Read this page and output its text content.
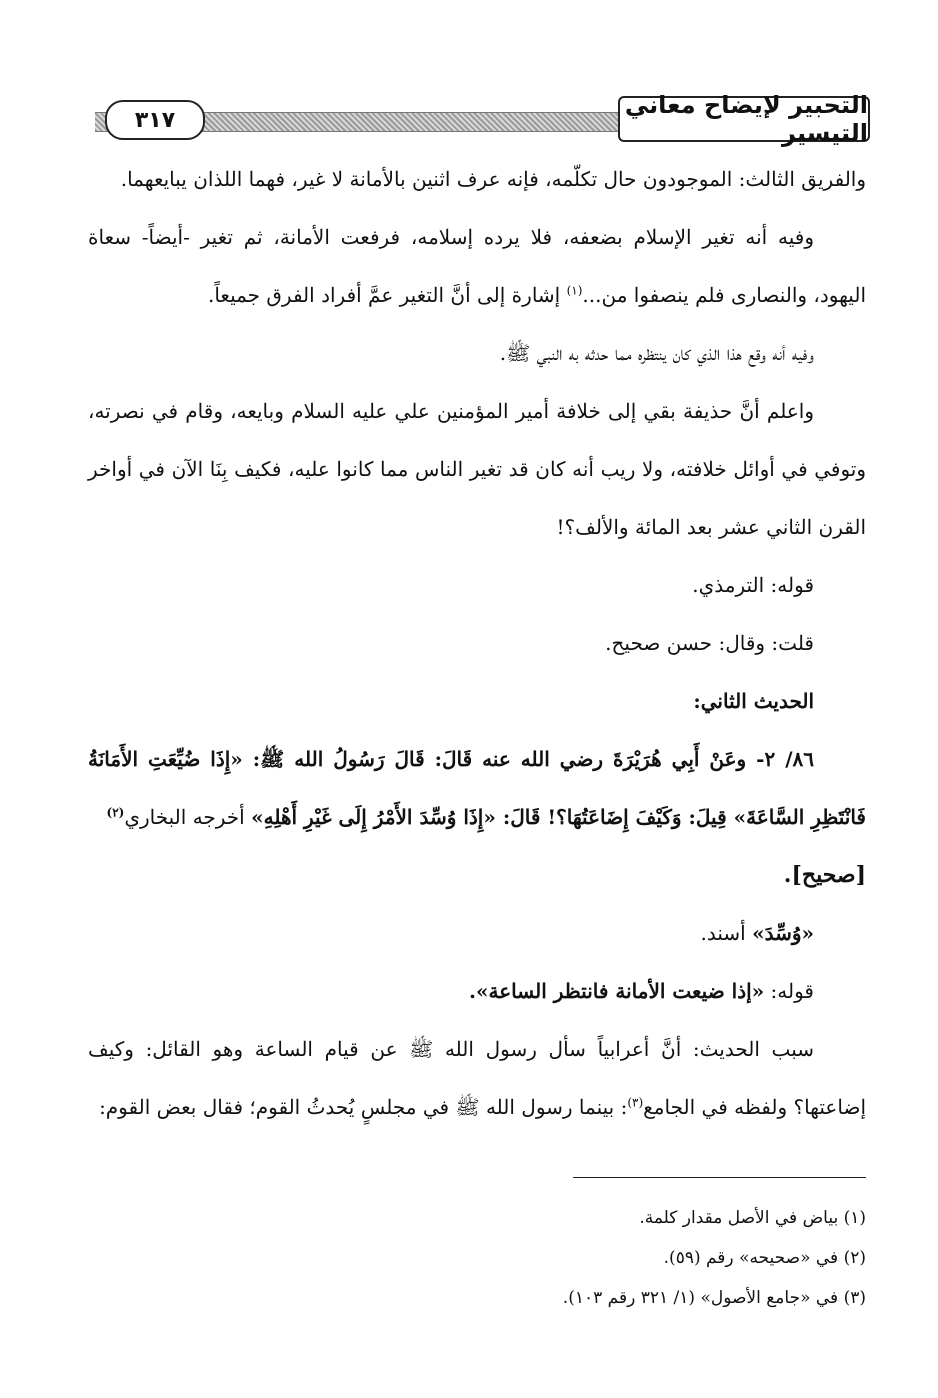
التحبير لإيضاح معاني التيسير
٣١٧

والفريق الثالث: الموجودون حال تكلّمه، فإنه عرف اثنين بالأمانة لا غير، فهما اللذان يبايعهما.

وفيه أنه تغير الإسلام بضعفه، فلا يرده إسلامه، فرفعت الأمانة، ثم تغير -أيضاً- سعاة اليهود، والنصارى فلم ينصفوا من...$^{(١)}$ إشارة إلى أنَّ التغير عمَّ أفراد الفرق جميعاً.

وفيه أنه وقع هذا الذي كان ينتظره مما حدثه به النبي ﷺ.

واعلم أنَّ حذيفة بقي إلى خلافة أمير المؤمنين علي عليه السلام وبايعه، وقام في نصرته، وتوفي في أوائل خلافته، ولا ريب أنه كان قد تغير الناس مما كانوا عليه، فكيف بِنَا الآن في أواخر القرن الثاني عشر بعد المائة والألف؟!

قوله: الترمذي.

قلت: وقال: حسن صحيح.

الحديث الثاني:

٨٦/ ٢- وعَنْ أَبِي هُرَيْرَةَ رضي الله عنه قَالَ: قَالَ رَسُولُ الله ﷺ: «إِذَا ضُيِّعَتِ الأَمَانَةُ فَانْتَظِرِ السَّاعَةَ» قِيلَ: وَكَيْفَ إِضَاعَتُهَا؟! قَالَ: «إِذَا وُسِّدَ الأَمْرُ إِلَى غَيْرِ أَهْلِهِ» أخرجه البخاري$^{(٢)}$

[صحيح].

«وُسِّدَ» أسند.

قوله: «إذا ضيعت الأمانة فانتظر الساعة».

سبب الحديث: أنَّ أعرابياً سأل رسول الله ﷺ عن قيام الساعة وهو القائل: وكيف إضاعتها؟ ولفظه في الجامع$^{(٣)}$: بينما رسول الله ﷺ في مجلسٍ يُحدثُ القوم؛ فقال بعض القوم:

(١) بياض في الأصل مقدار كلمة.

(٢) في «صحيحه» رقم (٥٩).

(٣) في «جامع الأصول» (١/ ٣٢١ رقم ١٠٣).
